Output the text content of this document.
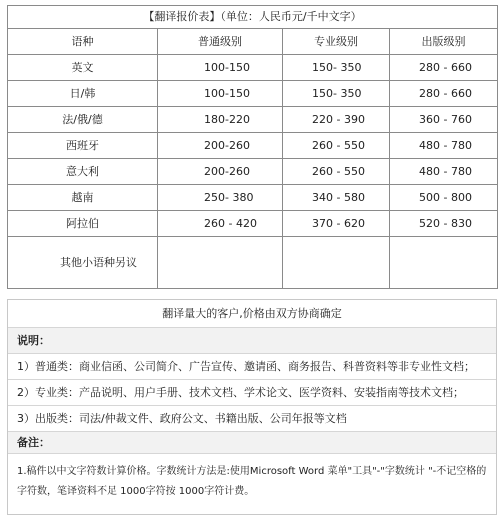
【翻译报价表】（单位：人民币元/千中文字）			
语种	普通级别	专业级别	出版级别
英文	100-150	150- 350	280 - 660
日/韩	100-150	150- 350	280 - 660
法/俄/德	180-220	220 - 390	360 - 760
西班牙	200-260	260 - 550	480 - 780
意大利	200-260	260 - 550	480 - 780
越南	250- 380	340 - 580	500 - 800
阿拉伯	260 - 420	370 - 620	520 - 830
其他小语种另议			
翻译量大的客户,价格由双方协商确定
说明：
1）普通类：商业信函、公司简介、广告宣传、邀请函、商务报告、科普资料等非专业性文档；
2）专业类：产品说明、用户手册、技术文档、学术论文、医学资料、安装指南等技术文档；
3）出版类：司法/仲裁文件、政府公文、书籍出版、公司年报等文档
备注：
1.稿件以中文字符数计算价格。字数统计方法是:使用Microsoft Word 菜单"工具"-"字数统计 "-不记空格的字符数，笔译资料不足 1000字符按 1000字符计费。
